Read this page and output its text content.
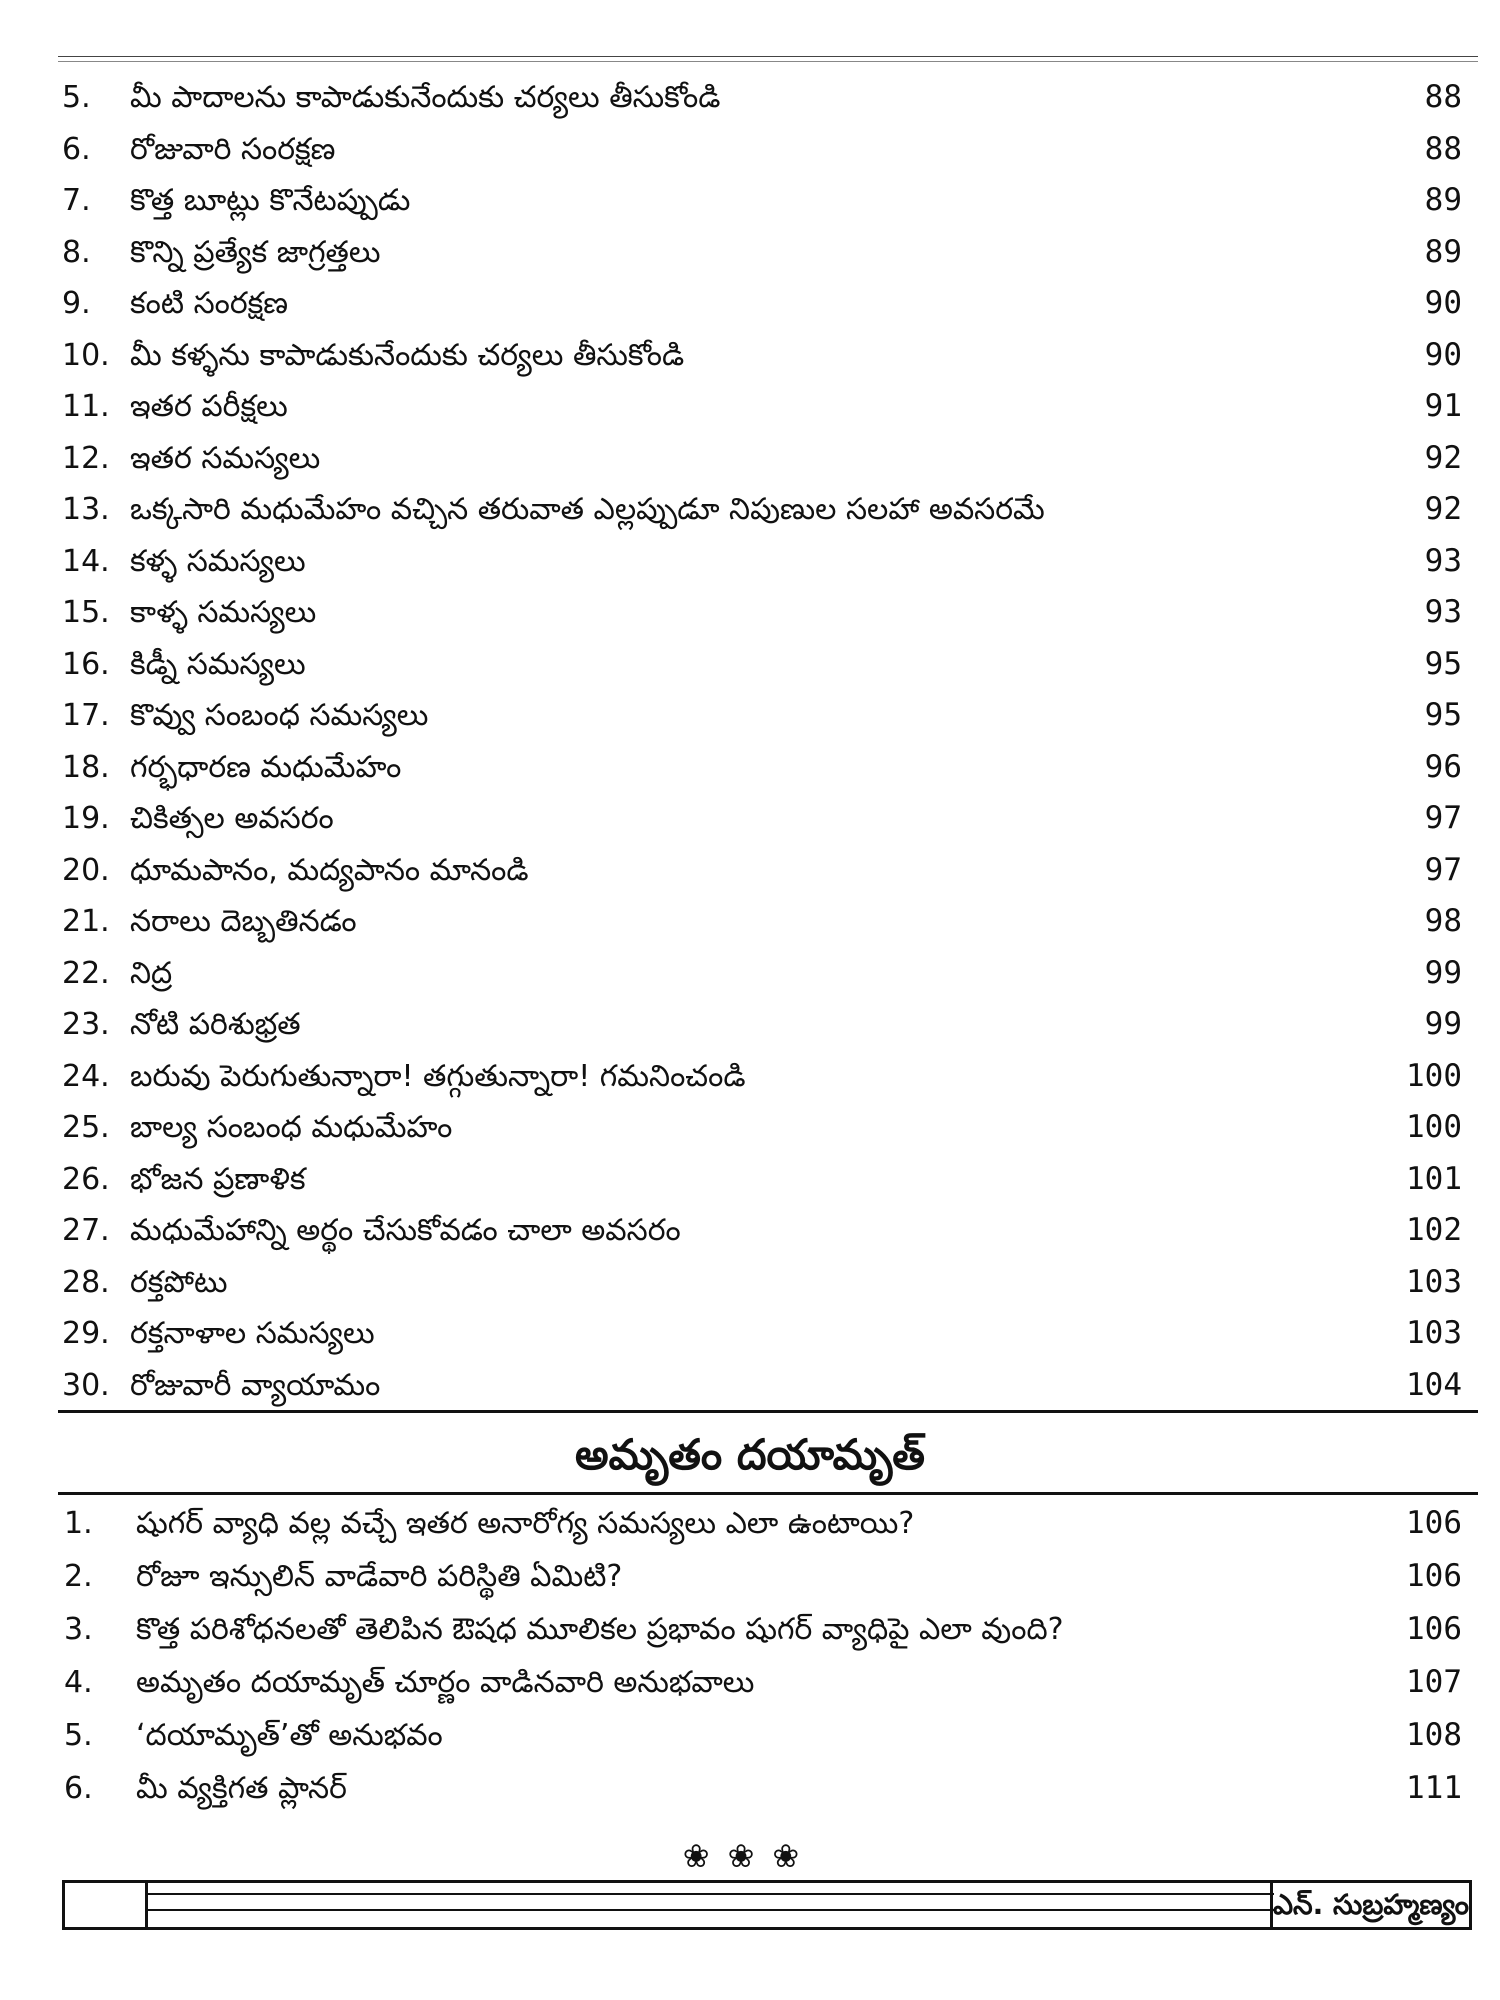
5. మీ పాదాలను కాపాడుకునేందుకు చర్యలు తీసుకోండి	88
6. రోజువారి సంరక్షణ	88
7. కొత్త బూట్లు కొనేటప్పుడు	89
8. కొన్ని ప్రత్యేక జాగ్రత్తలు	89
9. కంటి సంరక్షణ	90
10. మీ కళ్ళను కాపాడుకునేందుకు చర్యలు తీసుకోండి	90
11. ఇతర పరీక్షలు	91
12. ఇతర సమస్యలు	92
13. ఒక్కసారి మధుమేహం వచ్చిన తరువాత ఎల్లప్పుడూ నిపుణుల సలహా అవసరమే	92
14. కళ్ళ సమస్యలు	93
15. కాళ్ళ సమస్యలు	93
16. కిడ్నీ సమస్యలు	95
17. కొవ్వు సంబంధ సమస్యలు	95
18. గర్భధారణ మధుమేహం	96
19. చికిత్సల అవసరం	97
20. ధూమపానం, మద్యపానం మానండి	97
21. నరాలు దెబ్బతినడం	98
22. నిద్ర	99
23. నోటి పరిశుభ్రత	99
24. బరువు పెరుగుతున్నారా! తగ్గుతున్నారా! గమనించండి	100
25. బాల్య సంబంధ మధుమేహం	100
26. భోజన ప్రణాళిక	101
27. మధుమేహాన్ని అర్థం చేసుకోవడం చాలా అవసరం	102
28. రక్తపోటు	103
29. రక్తనాళాల సమస్యలు	103
30. రోజువారీ వ్యాయామం	104
అమృతం దయామృత్
1. షుగర్ వ్యాధి వల్ల వచ్చే ఇతర అనారోగ్య సమస్యలు ఎలా ఉంటాయి?	106
2. రోజూ ఇన్సులిన్ వాడేవారి పరిస్థితి ఏమిటి?	106
3. కొత్త పరిశోధనలతో తెలిపిన ఔషధ మూలికల ప్రభావం షుగర్ వ్యాధిపై ఎలా వుంది?	106
4. అమృతం దయామృత్ చూర్ణం వాడినవారి అనుభవాలు	107
5. ‘దయామృత్’తో అనుభవం	108
6. మీ వ్యక్తిగత ప్లానర్	111
❀❀❀
ఎన్. సుబ్రహ్మణ్యం
